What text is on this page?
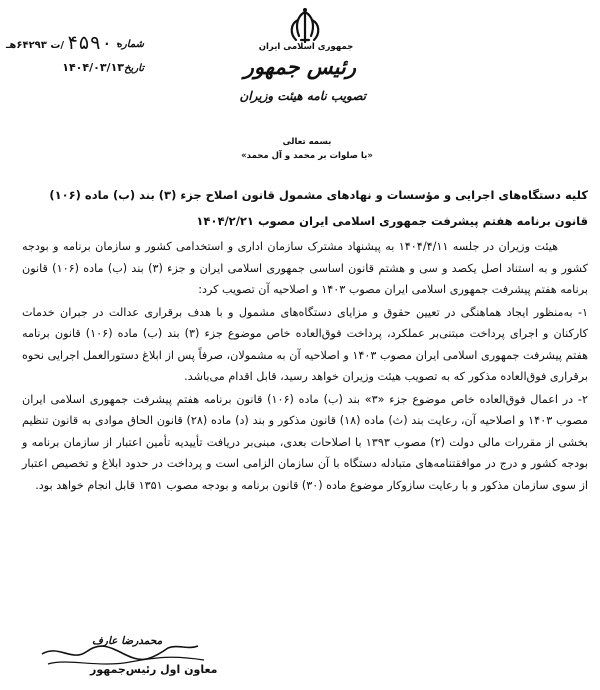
جمهوری اسلامی ایران
رئیس جمهور
تصویب نامه هیئت وزیران
شماره
۴۵۹۰۰
/ت ۶۴۲۹۳هـ
تاریخ
۱۴۰۴/۰۳/۱۳
بسمه تعالی
«با صلوات بر محمد و آل محمد»
کلیه دستگاه‌های اجرایی و مؤسسات و نهادهای مشمول قانون اصلاح جزء (۳) بند (ب) ماده (۱۰۶) قانون برنامه هفتم پیشرفت جمهوری اسلامی ایران مصوب ۱۴۰۴/۲/۲۱

هیئت وزیران در جلسه ۱۴۰۴/۴/۱۱ به پیشنهاد مشترک سازمان اداری و استخدامی کشور و سازمان برنامه و بودجه کشور و به استناد اصل یکصد و سی و هشتم قانون اساسی جمهوری اسلامی ایران و جزء (۳) بند (ب) ماده (۱۰۶) قانون برنامه هفتم پیشرفت جمهوری اسلامی ایران مصوب ۱۴۰۳ و اصلاحیه آن تصویب کرد:

۱- به‌منظور ایجاد هماهنگی در تعیین حقوق و مزایای دستگاه‌های مشمول و با هدف برقراری عدالت در جبران خدمات کارکنان و اجرای پرداخت مبتنی‌بر عملکرد، پرداخت فوق‌العاده خاص موضوع جزء (۳) بند (ب) ماده (۱۰۶) قانون برنامه هفتم پیشرفت جمهوری اسلامی ایران مصوب ۱۴۰۳ و اصلاحیه آن به مشمولان، صرفاً پس از ابلاغ دستورالعمل اجرایی نحوه برقراری فوق‌العاده مذکور که به تصویب هیئت وزیران خواهد رسید، قابل اقدام می‌باشد.

۲- در اعمال فوق‌العاده خاص موضوع جزء «۳» بند (ب) ماده (۱۰۶) قانون برنامه هفتم پیشرفت جمهوری اسلامی ایران مصوب ۱۴۰۳ و اصلاحیه آن، رعایت بند (ث) ماده (۱۸) قانون مذکور و بند (د) ماده (۲۸) قانون الحاق موادی به قانون تنظیم بخشی از مقررات مالی دولت (۲) مصوب ۱۳۹۳ با اصلاحات بعدی، مبنی‌بر دریافت تأییدیه تأمین اعتبار از سازمان برنامه و بودجه کشور و درج در موافقتنامه‌های متبادله دستگاه با آن سازمان الزامی است و پرداخت در حدود ابلاغ و تخصیص اعتبار از سوی سازمان مذکور و با رعایت سازوکار موضوع ماده (۳۰) قانون برنامه و بودجه مصوب ۱۳۵۱ قابل انجام خواهد بود.

محمدرضا عارف
معاون اول رئیس‌جمهور
